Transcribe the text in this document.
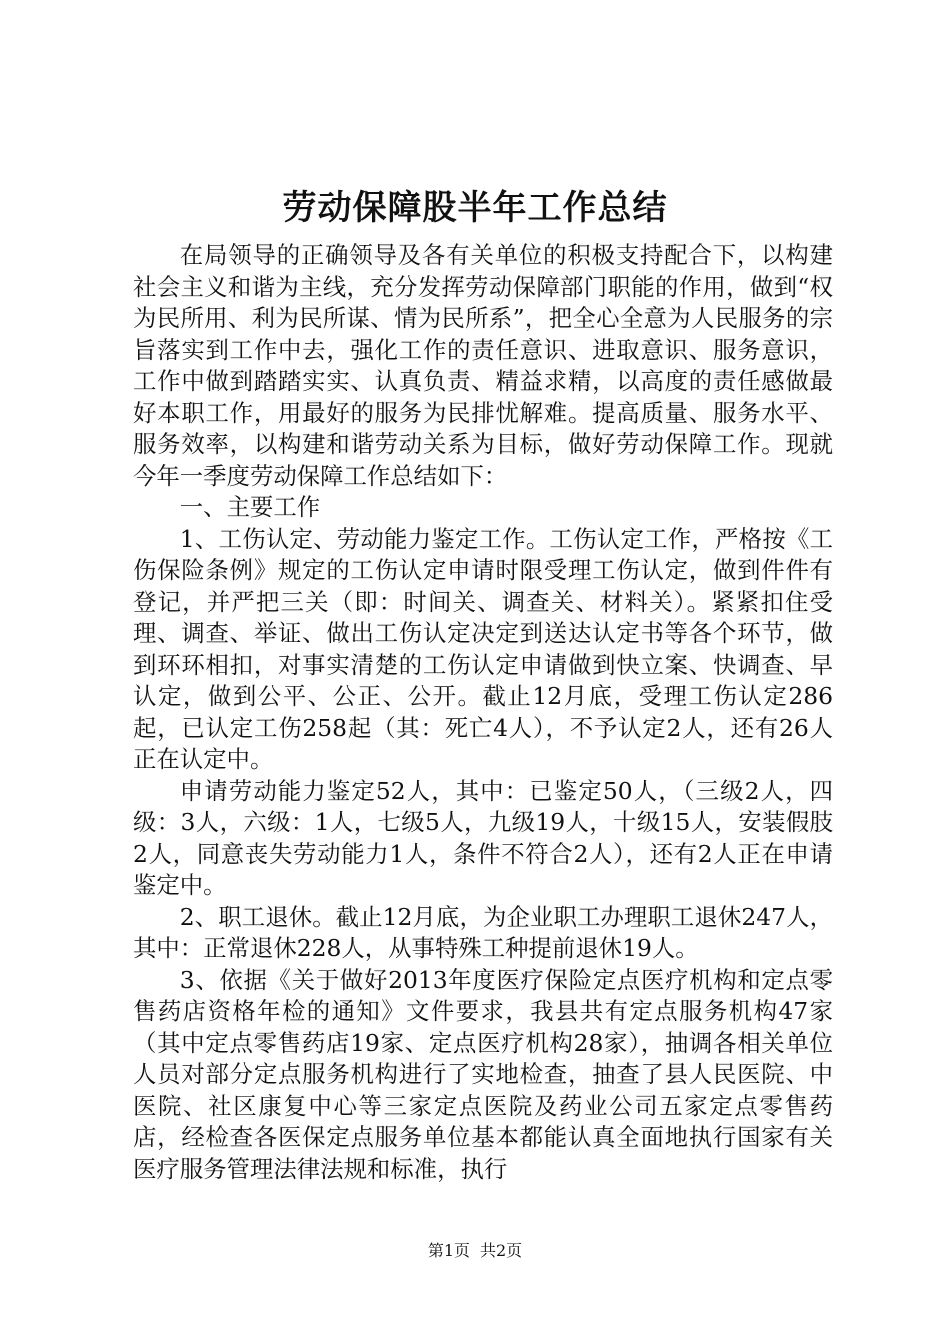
劳动保障股半年工作总结

在局领导的正确领导及各有关单位的积极支持配合下，以构建社会主义和谐为主线，充分发挥劳动保障部门职能的作用，做到“权为民所用、利为民所谋、情为民所系”，把全心全意为人民服务的宗旨落实到工作中去，强化工作的责任意识、进取意识、服务意识，工作中做到踏踏实实、认真负责、精益求精，以高度的责任感做最好本职工作，用最好的服务为民排忧解难。提高质量、服务水平、服务效率，以构建和谐劳动关系为目标，做好劳动保障工作。现就今年一季度劳动保障工作总结如下：

一、主要工作

1、工伤认定、劳动能力鉴定工作。工伤认定工作，严格按《工伤保险条例》规定的工伤认定申请时限受理工伤认定，做到件件有登记，并严把三关（即：时间关、调查关、材料关）。紧紧扣住受理、调查、举证、做出工伤认定决定到送达认定书等各个环节，做到环环相扣，对事实清楚的工伤认定申请做到快立案、快调查、早认定，做到公平、公正、公开。截止12月底，受理工伤认定286起，已认定工伤258起（其：死亡4人），不予认定2人，还有26人正在认定中。

申请劳动能力鉴定52人，其中：已鉴定50人，（三级2人，四级：3人，六级：1人，七级5人，九级19人，十级15人，安装假肢2人，同意丧失劳动能力1人，条件不符合2人），还有2人正在申请鉴定中。

2、职工退休。截止12月底，为企业职工办理职工退休247人，其中：正常退休228人，从事特殊工种提前退休19人。

3、依据《关于做好2013年度医疗保险定点医疗机构和定点零售药店资格年检的通知》文件要求，我县共有定点服务机构47家（其中定点零售药店19家、定点医疗机构28家），抽调各相关单位人员对部分定点服务机构进行了实地检查，抽查了县人民医院、中医院、社区康复中心等三家定点医院及药业公司五家定点零售药店，经检查各医保定点服务单位基本都能认真全面地执行国家有关医疗服务管理法律法规和标准，执行

第1页 共2页
